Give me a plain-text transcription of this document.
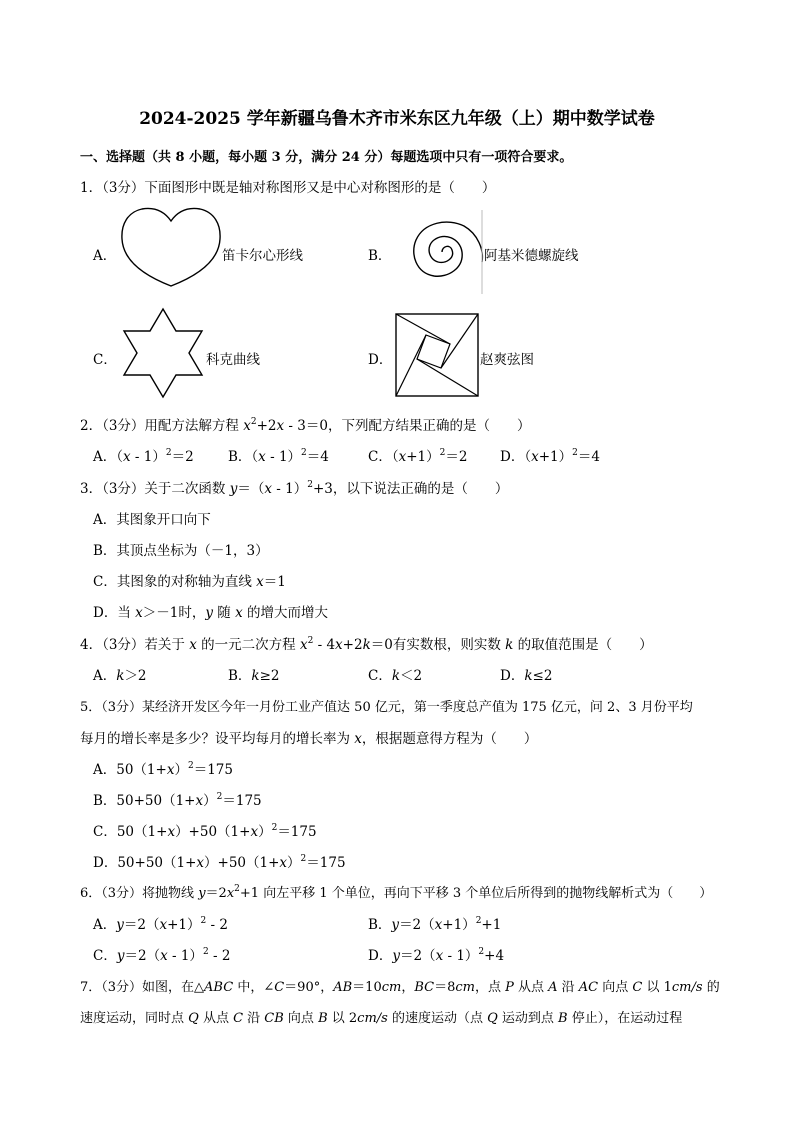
2024-2025 学年新疆乌鲁木齐市米东区九年级（上）期中数学试卷
一、选择题（共 8 小题，每小题 3 分，满分 24 分）每题选项中只有一项符合要求。
1．（3分）下面图形中既是轴对称图形又是中心对称图形的是（　　）
A．	笛卡尔心形线	B．	阿基米德螺旋线
C．	科克曲线	D．	赵爽弦图
2．（3分）用配方法解方程 $x^2+2x - 3=0$，下列配方结果正确的是（　　）
A．（x - 1）$^2$＝2	B．（x - 1）$^2$＝4	C．$(x+1)^2=2$ D．$(x+1)^2=4$
3．（3分）关于二次函数 y＝（x - 1）$^2$+3，以下说法正确的是（　　）
A．其图象开口向下
B．其顶点坐标为（－1，3）
C．其图象的对称轴为直线 x＝1
D．当 x＞－1时，y 随 x 的增大而增大
4．（3分）若关于 x 的一元二次方程 $x^2 - 4x+2k=0$有实数根，则实数 k 的取值范围是（　　）
A．k＞2	B．k≥2	C．k＜2	D．k≤2
5．（3分）某经济开发区今年一月份工业产值达 50 亿元，第一季度总产值为 175 亿元，问 2、3 月份平均
每月的增长率是多少？设平均每月的增长率为 x，根据题意得方程为（　　）
A．$50(1+x)^2=175$
B．$50+50(1+x)^2=175$
C．$50(1+x)+50(1+x)^2=175$
D．$50+50(1+x)+50(1+x)^2=175$
6．（3分）将抛物线 $y=2x^2+1$ 向左平移 1 个单位，再向下平移 3 个单位后所得到的抛物线解析式为（　　）
A．$y=2(x+1)^2 - 2$	B．$y=2(x+1)^2+1$
C．y＝2（x - 1）$^2$ - 2	D．y＝2（x - 1）$^2$+4
7．（3分）如图，在△ABC 中，∠C＝90°，AB＝10cm，BC＝8cm，点 P 从点 A 沿 AC 向点 C 以 1cm/s 的
速度运动，同时点 Q 从点 C 沿 CB 向点 B 以 2cm/s 的速度运动（点 Q 运动到点 B 停止），在运动过程
